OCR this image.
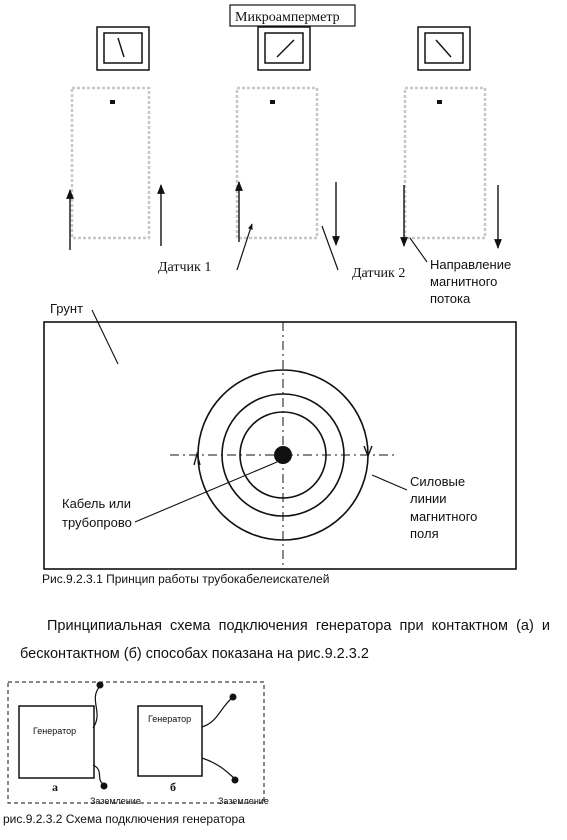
Микроамперметр
Датчик 1	Датчик 2
Направление
магнитного
потока
Грунт
Кабель или
трубопрово
Силовые
линии
магнитного
поля
Рис.9.2.3.1 Принцип работы трубокабелеискателей
Генератор
а
Заземление
Генератор
б
Заземление
рис.9.2.3.2 Схема подключения генератора

Принципиальная схема подключения генератора при контактном (а) и

бесконтактном (б) способах показана на рис.9.2.3.2
